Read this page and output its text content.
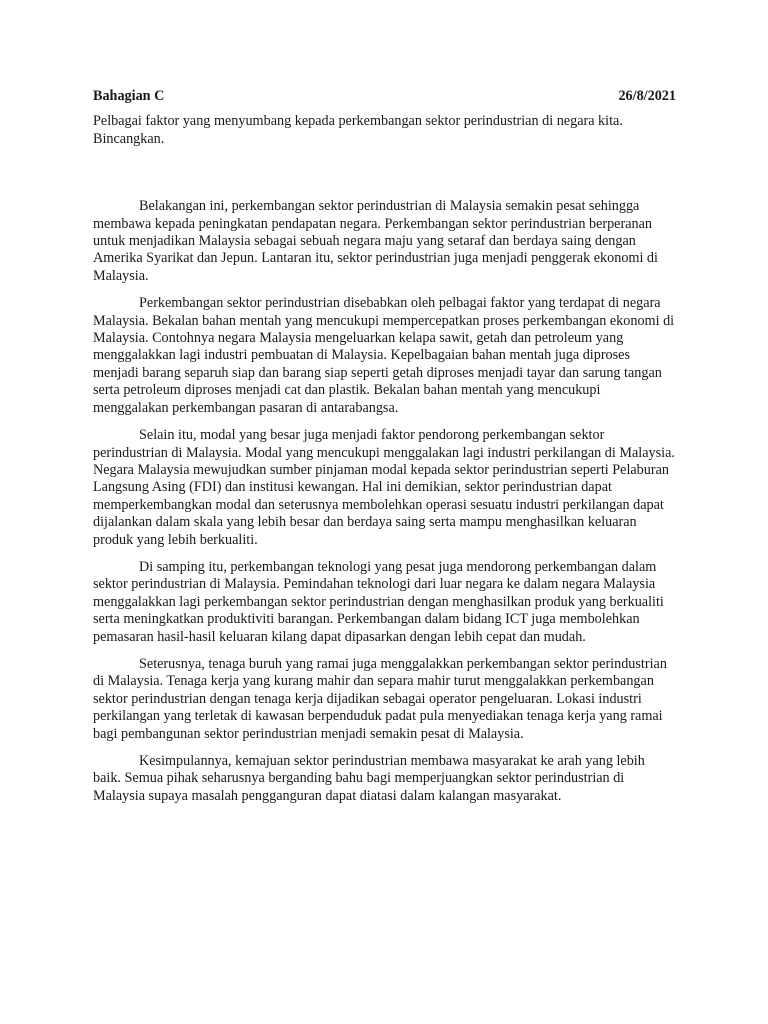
Bahagian C	26/8/2021

Pelbagai faktor yang menyumbang kepada perkembangan sektor perindustrian di negara kita. Bincangkan.

Belakangan ini, perkembangan sektor perindustrian di Malaysia semakin pesat sehingga membawa kepada peningkatan pendapatan negara. Perkembangan sektor perindustrian berperanan untuk menjadikan Malaysia sebagai sebuah negara maju yang setaraf dan berdaya saing dengan Amerika Syarikat dan Jepun. Lantaran itu, sektor perindustrian juga menjadi penggerak ekonomi di Malaysia.

Perkembangan sektor perindustrian disebabkan oleh pelbagai faktor yang terdapat di negara Malaysia. Bekalan bahan mentah yang mencukupi mempercepatkan proses perkembangan ekonomi di Malaysia. Contohnya negara Malaysia mengeluarkan kelapa sawit, getah dan petroleum yang menggalakkan lagi industri pembuatan di Malaysia. Kepelbagaian bahan mentah juga diproses menjadi barang separuh siap dan barang siap seperti getah diproses menjadi tayar dan sarung tangan serta petroleum diproses menjadi cat dan plastik. Bekalan bahan mentah yang mencukupi menggalakan perkembangan pasaran di antarabangsa.

Selain itu, modal yang besar juga menjadi faktor pendorong perkembangan sektor perindustrian di Malaysia. Modal yang mencukupi menggalakan lagi industri perkilangan di Malaysia. Negara Malaysia mewujudkan sumber pinjaman modal kepada sektor perindustrian seperti Pelaburan Langsung Asing (FDI) dan institusi kewangan. Hal ini demikian, sektor perindustrian dapat memperkembangkan modal dan seterusnya membolehkan operasi sesuatu industri perkilangan dapat dijalankan dalam skala yang lebih besar dan berdaya saing serta mampu menghasilkan keluaran produk yang lebih berkualiti.

Di samping itu, perkembangan teknologi yang pesat juga mendorong perkembangan dalam sektor perindustrian di Malaysia. Pemindahan teknologi dari luar negara ke dalam negara Malaysia menggalakkan lagi perkembangan sektor perindustrian dengan menghasilkan produk yang berkualiti serta meningkatkan produktiviti barangan. Perkembangan dalam bidang ICT juga membolehkan pemasaran hasil-hasil keluaran kilang dapat dipasarkan dengan lebih cepat dan mudah.

Seterusnya, tenaga buruh yang ramai juga menggalakkan perkembangan sektor perindustrian di Malaysia. Tenaga kerja yang kurang mahir dan separa mahir turut menggalakkan perkembangan sektor perindustrian dengan tenaga kerja dijadikan sebagai operator pengeluaran. Lokasi industri perkilangan yang terletak di kawasan berpenduduk padat pula menyediakan tenaga kerja yang ramai bagi pembangunan sektor perindustrian menjadi semakin pesat di Malaysia.

Kesimpulannya, kemajuan sektor perindustrian membawa masyarakat ke arah yang lebih baik. Semua pihak seharusnya berganding bahu bagi memperjuangkan sektor perindustrian di Malaysia supaya masalah pengganguran dapat diatasi dalam kalangan masyarakat.
